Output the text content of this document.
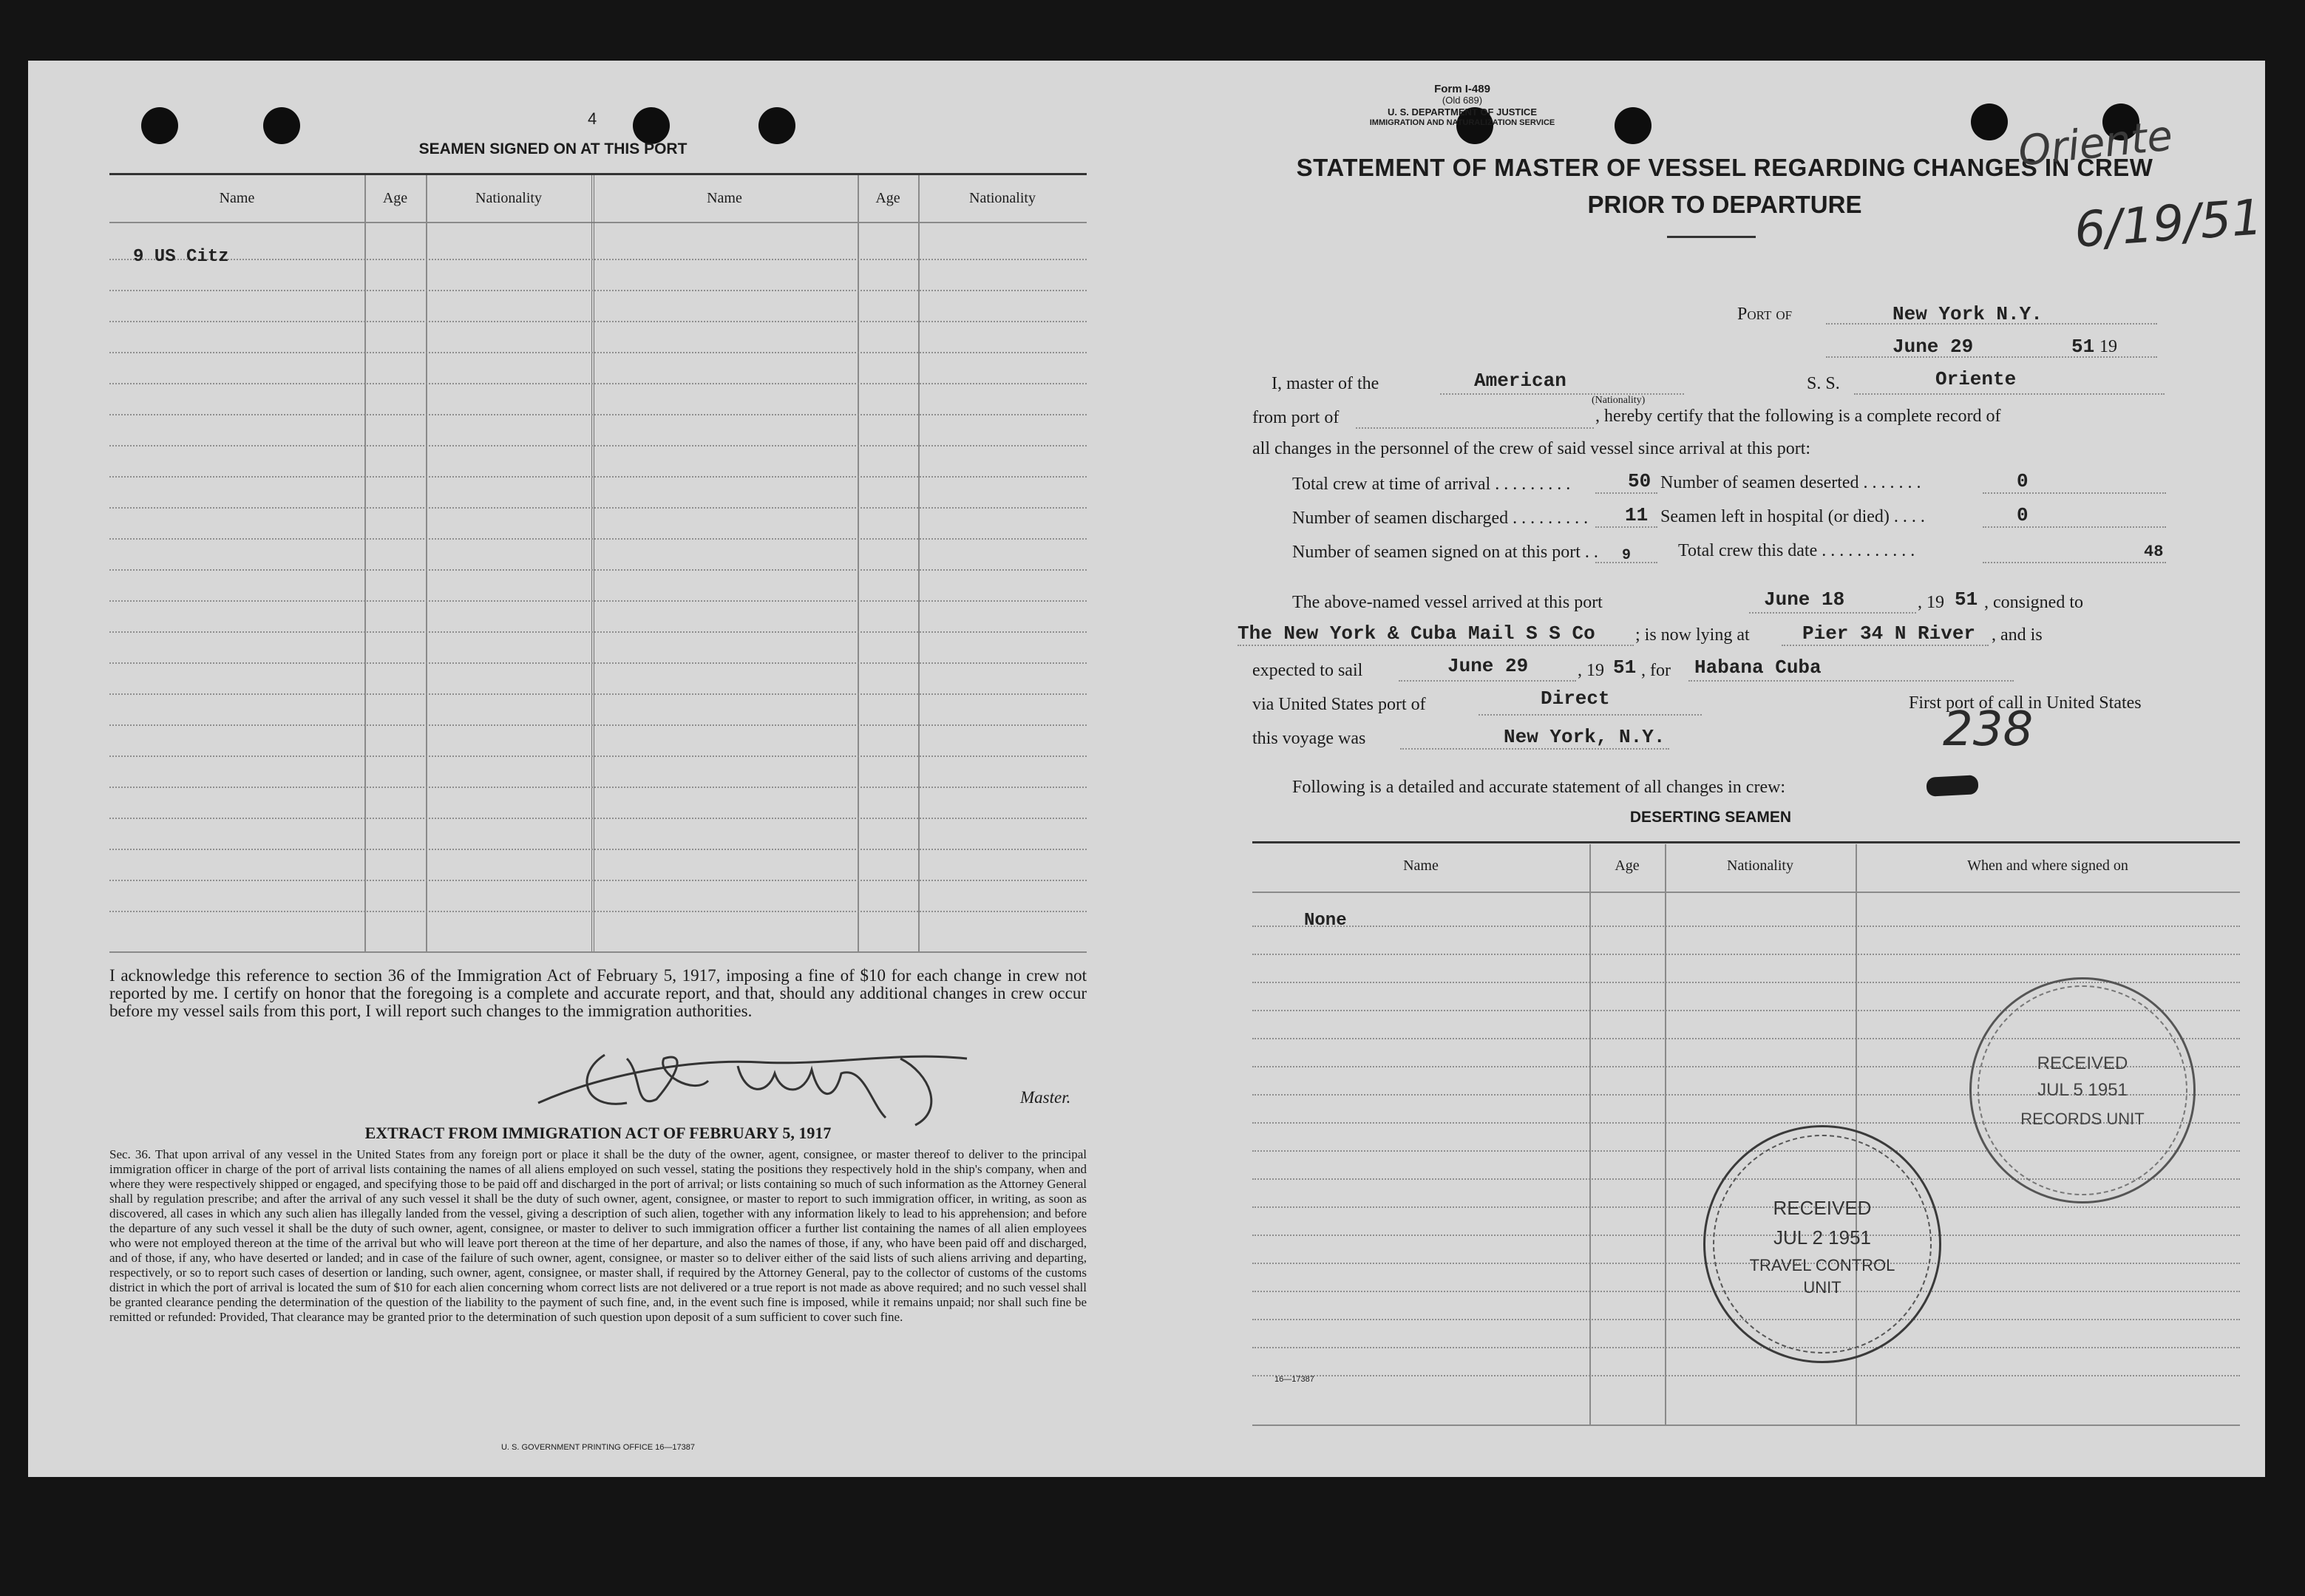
4
SEAMEN SIGNED ON AT THIS PORT
Name	Age	Nationality	Name	Age	Nationality
9 US Citz
I acknowledge this reference to section 36 of the Immigration Act of February 5, 1917, imposing a fine of $10 for each change in crew not reported by me. I certify on honor that the foregoing is a complete and accurate report, and that, should any additional changes in crew occur before my vessel sails from this port, I will report such changes to the immigration authorities.
Master.
EXTRACT FROM IMMIGRATION ACT OF FEBRUARY 5, 1917
Sec. 36. That upon arrival of any vessel in the United States from any foreign port or place it shall be the duty of the owner, agent, consignee, or master thereof to deliver to the principal immigration officer in charge of the port of arrival lists containing the names of all aliens employed on such vessel, stating the positions they respectively hold in the ship's company, when and where they were respectively shipped or engaged, and specifying those to be paid off and discharged in the port of arrival; or lists containing so much of such information as the Attorney General shall by regulation prescribe; and after the arrival of any such vessel it shall be the duty of such owner, agent, consignee, or master to report to such immigration officer, in writing, as soon as discovered, all cases in which any such alien has illegally landed from the vessel, giving a description of such alien, together with any information likely to lead to his apprehension; and before the departure of any such vessel it shall be the duty of such owner, agent, consignee, or master to deliver to such immigration officer a further list containing the names of all alien employees who were not employed thereon at the time of the arrival but who will leave port thereon at the time of her departure, and also the names of those, if any, who have been paid off and discharged, and of those, if any, who have deserted or landed; and in case of the failure of such owner, agent, consignee, or master so to deliver either of the said lists of such aliens arriving and departing, respectively, or so to report such cases of desertion or landing, such owner, agent, consignee, or master shall, if required by the Attorney General, pay to the collector of customs of the customs district in which the port of arrival is located the sum of $10 for each alien concerning whom correct lists are not delivered or a true report is not made as above required; and no such vessel shall be granted clearance pending the determination of the question of the liability to the payment of such fine, and, in the event such fine is imposed, while it remains unpaid; nor shall such fine be remitted or refunded: Provided, That clearance may be granted prior to the determination of such question upon deposit of a sum sufficient to cover such fine.
U. S. GOVERNMENT PRINTING OFFICE 16—17387
Form I-489
(Old 689)
U. S. DEPARTMENT OF JUSTICE
IMMIGRATION AND NATURALIZATION SERVICE
STATEMENT OF MASTER OF VESSEL REGARDING CHANGES IN CREW
PRIOR TO DEPARTURE
Oriente
6/19/51
Port of	New York N.Y.
June 29	51 19
I, master of the	American
(Nationality)
S. S.	Oriente
from port of	, hereby certify that the following is a complete record of
all changes in the personnel of the crew of said vessel since arrival at this port:
Total crew at time of arrival . . . . . . . . .	50 Number of seamen deserted . . . . . . .	0
Number of seamen discharged . . . . . . . . . 11 Seamen left in hospital (or died) . . . .	0
Number of seamen signed on at this port . . 9	Total crew this date . . . . . . . . . . .	48
The above-named vessel arrived at this port	June 18	, 19 51 , consigned to
The New York & Cuba Mail S S Co ; is now lying at	Pier 34 N River , and is
expected to sail	June 29	, 19 51 , for Habana Cuba
via United States port of	Direct	First port of call in United States
this voyage was	New York, N.Y.	238
Following is a detailed and accurate statement of all changes in crew:
DESERTING SEAMEN
Name	Age	Nationality	When and where signed on
None
16—17387
RECEIVED
JUL 5 1951
RECORDS UNIT
RECEIVED
JUL 2 1951
TRAVEL CONTROL
UNIT
